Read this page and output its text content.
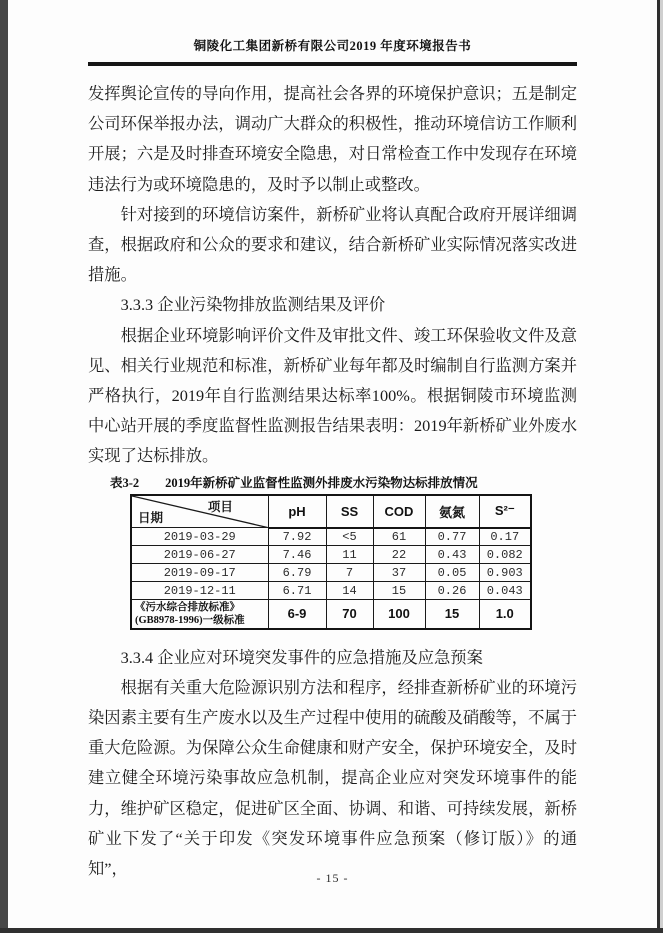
铜陵化工集团新桥有限公司2019 年度环境报告书

发挥舆论宣传的导向作用，提高社会各界的环境保护意识；五是制定公司环保举报办法，调动广大群众的积极性，推动环境信访工作顺利开展；六是及时排查环境安全隐患，对日常检查工作中发现存在环境违法行为或环境隐患的，及时予以制止或整改。

针对接到的环境信访案件，新桥矿业将认真配合政府开展详细调查，根据政府和公众的要求和建议，结合新桥矿业实际情况落实改进措施。

3.3.3 企业污染物排放监测结果及评价

根据企业环境影响评价文件及审批文件、竣工环保验收文件及意见、相关行业规范和标准，新桥矿业每年都及时编制自行监测方案并严格执行，2019年自行监测结果达标率100%。根据铜陵市环境监测中心站开展的季度监督性监测报告结果表明：2019年新桥矿业外废水实现了达标排放。

表3-2 2019年新桥矿业监督性监测外排废水污染物达标排放情况
项目
日期	pH	SS	COD	氨氮	S²⁻
2019-03-29	7.92	<5	61	0.77	0.17
2019-06-27	7.46	11	22	0.43	0.082
2019-09-17	6.79	7	37	0.05	0.903
2019-12-11	6.71	14	15	0.26	0.043

《污水综合排放标准》
(GB8978-1996)一级标准	6-9	70	100	15	1.0

3.3.4 企业应对环境突发事件的应急措施及应急预案

根据有关重大危险源识别方法和程序，经排查新桥矿业的环境污染因素主要有生产废水以及生产过程中使用的硫酸及硝酸等，不属于重大危险源。为保障公众生命健康和财产安全，保护环境安全，及时建立健全环境污染事故应急机制，提高企业应对突发环境事件的能力，维护矿区稳定，促进矿区全面、协调、和谐、可持续发展，新桥矿业下发了“关于印发《突发环境事件应急预案（修订版）》的通知”，	- 15 -
